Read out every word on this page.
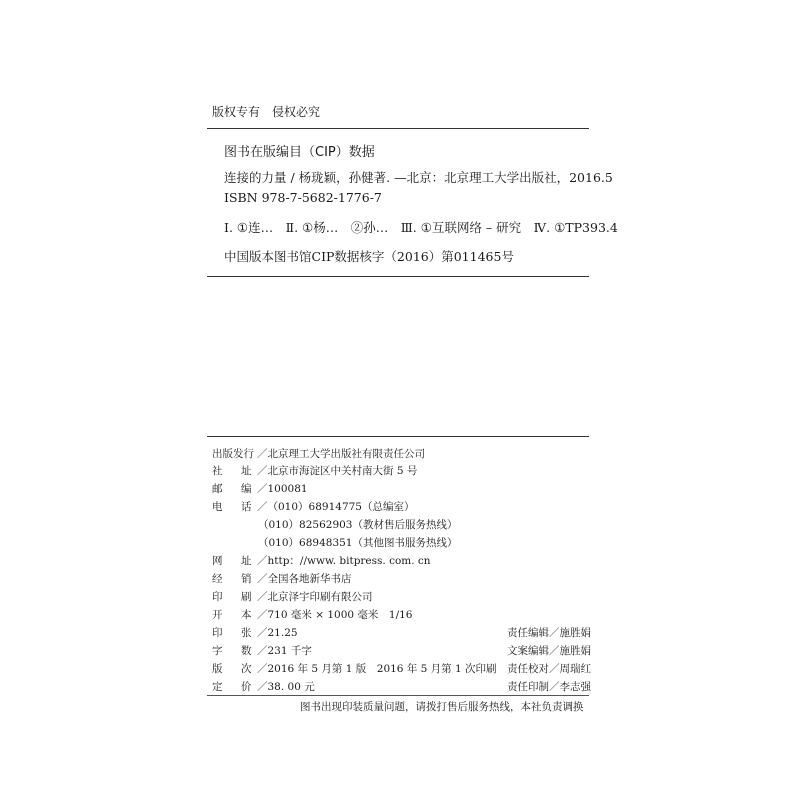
版权专有　侵权必究
图书在版编目（CIP）数据
连接的力量 / 杨珑颖，孙健著. —北京：北京理工大学出版社，2016.5
ISBN 978-7-5682-1776-7
Ⅰ. ①连…　Ⅱ. ①杨…　②孙…　Ⅲ. ①互联网络 – 研究　Ⅳ. ①TP393.4
中国版本图书馆CIP数据核字（2016）第011465号
出版发行 ／北京理工大学出版社有限责任公司
社 址 ／北京市海淀区中关村南大街 5 号
邮 编 ／100081
电 话 ／（010）68914775（总编室）
（010）82562903（教材售后服务热线）
（010）68948351（其他图书服务热线）
网 址 ／http：//www. bitpress. com. cn
经 销 ／全国各地新华书店
印 刷 ／北京泽宇印刷有限公司
开 本 ／710 毫米 × 1000 毫米　1/16
印 张 ／21.25
字 数 ／231 千字
版 次 ／2016 年 5 月第 1 版　2016 年 5 月第 1 次印刷
定 价 ／38. 00 元
责任编辑／施胜娟
文案编辑／施胜娟
责任校对／周瑞红
责任印制／李志强
图书出现印装质量问题，请拨打售后服务热线，本社负责调换
